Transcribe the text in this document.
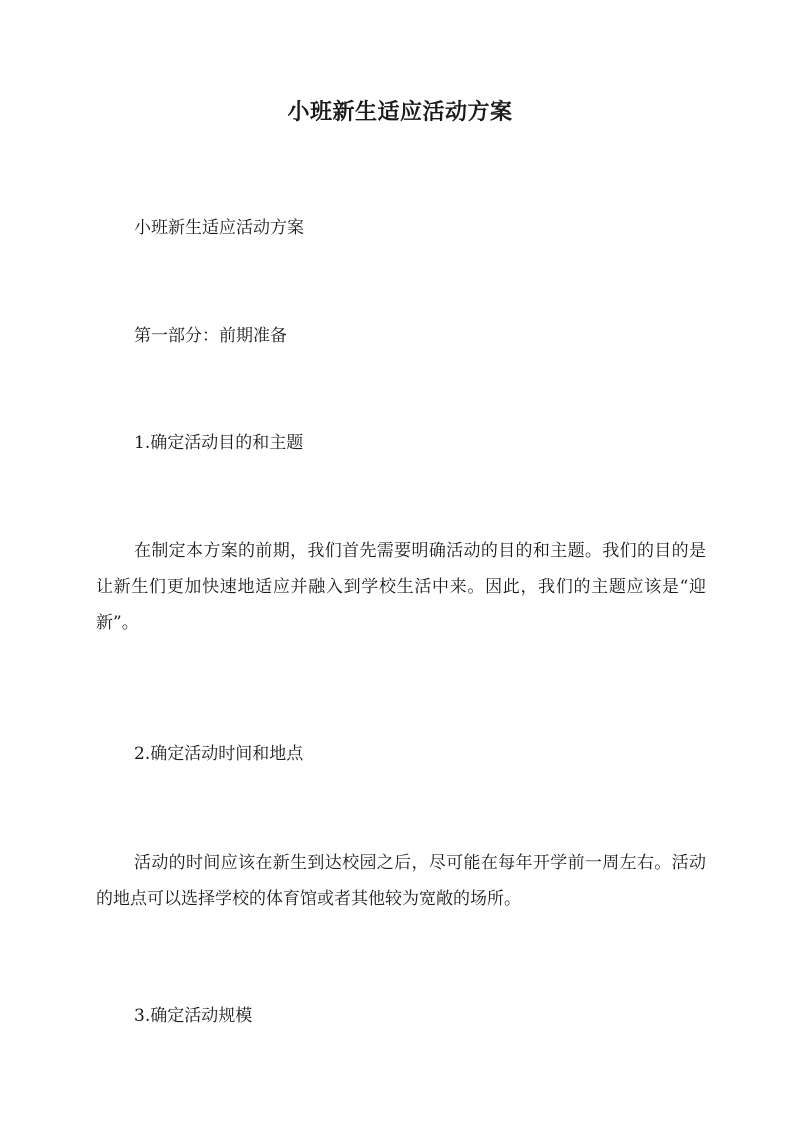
小班新生适应活动方案
小班新生适应活动方案
第一部分：前期准备
1.确定活动目的和主题

在制定本方案的前期，我们首先需要明确活动的目的和主题。我们的目的是让新生们更加快速地适应并融入到学校生活中来。因此，我们的主题应该是“迎新”。

2.确定活动时间和地点

活动的时间应该在新生到达校园之后，尽可能在每年开学前一周左右。活动的地点可以选择学校的体育馆或者其他较为宽敞的场所。

3.确定活动规模
